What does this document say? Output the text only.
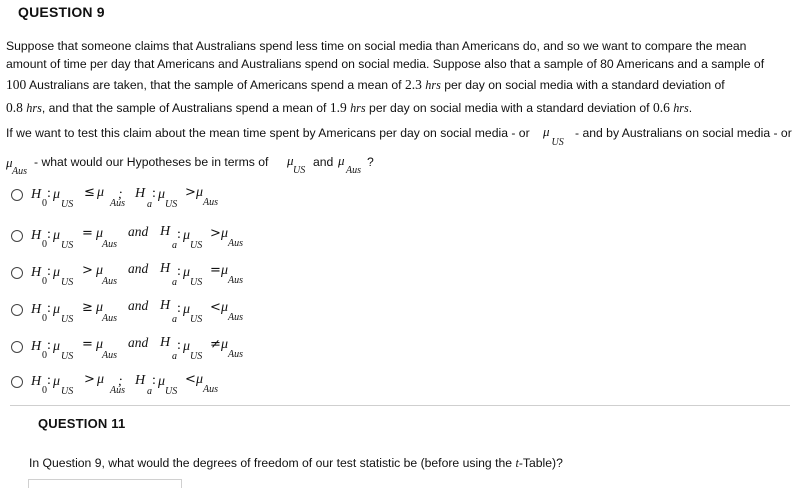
QUESTION 9
Suppose that someone claims that Australians spend less time on social media than Americans do, and so we want to compare the mean
amount of time per day that Americans and Australians spend on social media. Suppose also that a sample of 80 Americans and a sample of
100 Australians are taken, that the sample of Americans spend a mean of 2.3 hrs per day on social media with a standard deviation of
0.8 hrs, and that the sample of Australians spend a mean of 1.9 hrs per day on social media with a standard deviation of 0.6 hrs.
If we want to test this claim about the mean time spent by Americans per day on social media - or $\mu_{US}$
- and by Australians on social media - or
μ
Aus
- what would our Hypotheses be in terms of μ
US
and μ
Aus
?
H
0
: μ
US
≤ μ
Aus
; H
a
: μ
US
> μ
Aus
H
0
: μ
US
= μ
Aus
and H
a
: μ
US
> μ
Aus
H
0
: μ
US
> μ
Aus
and H
a
: μ
US
= μ
Aus
H
0
: μ
US
≥ μ
Aus
and H
a
: μ
US
< μ
Aus
H
0
: μ
US
= μ
Aus
and H
a
: μ
US
≠ μ
Aus
H
0
: μ
US
> μ
Aus
; H
a
: μ
US
< μ
Aus
QUESTION 11
In Question 9, what would the degrees of freedom of our test statistic be (before using the t-Table)?
